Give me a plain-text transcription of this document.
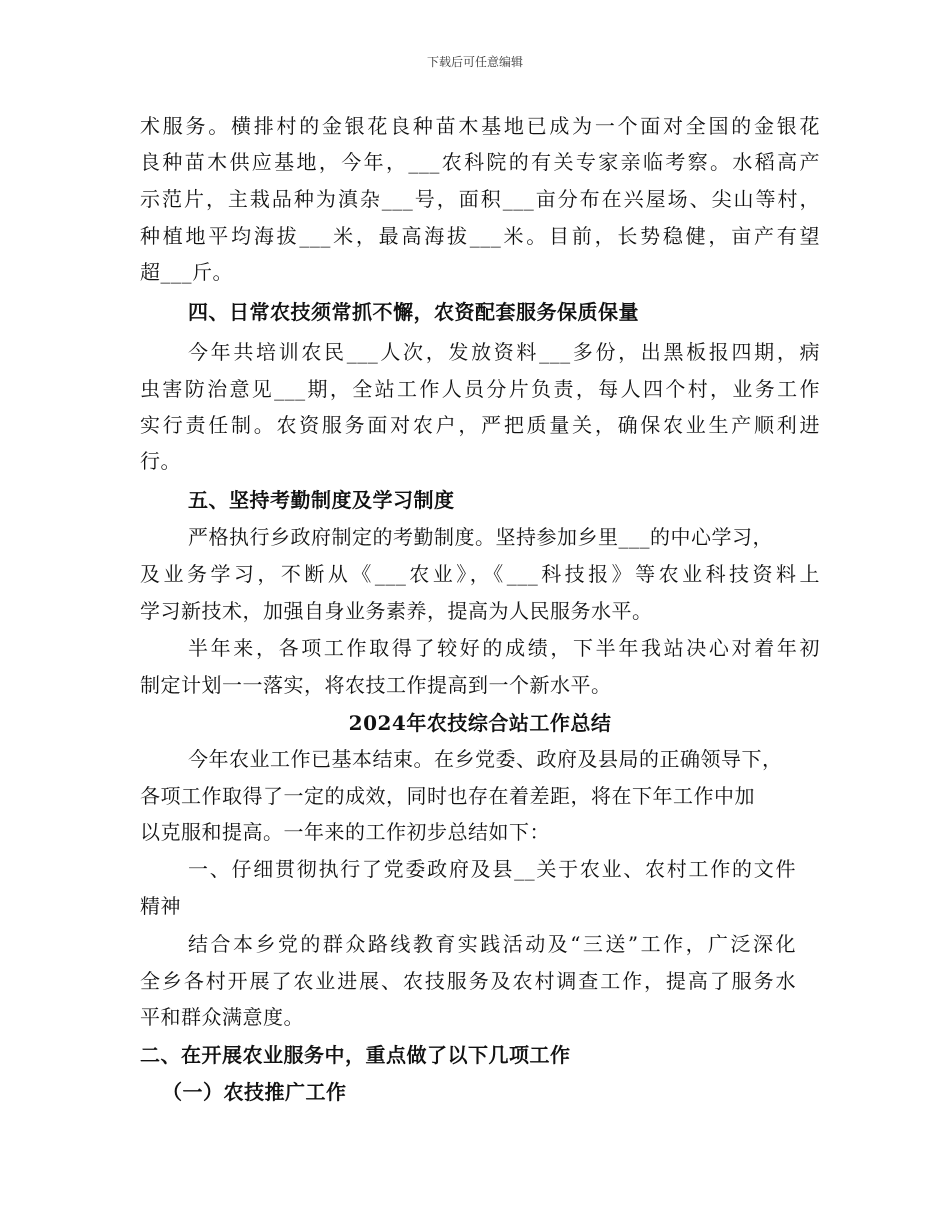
下载后可任意编辑
术服务。横排村的金银花良种苗木基地已成为一个面对全国的金银花
良种苗木供应基地，今年，___农科院的有关专家亲临考察。水稻高产
示范片，主栽品种为滇杂___号，面积___亩分布在兴屋场、尖山等村，
种植地平均海拔___米，最高海拔___米。目前，长势稳健，亩产有望
超___斤。
四、日常农技须常抓不懈，农资配套服务保质保量
今年共培训农民___人次，发放资料___多份，出黑板报四期，病
虫害防治意见___期，全站工作人员分片负责，每人四个村，业务工作
实行责任制。农资服务面对农户，严把质量关，确保农业生产顺利进
行。
五、坚持考勤制度及学习制度
严格执行乡政府制定的考勤制度。坚持参加乡里___的中心学习，
及业务学习，不断从《___农业》，《___科技报》等农业科技资料上
学习新技术，加强自身业务素养，提高为人民服务水平。
半年来，各项工作取得了较好的成绩，下半年我站决心对着年初
制定计划一一落实，将农技工作提高到一个新水平。
2024年农技综合站工作总结
今年农业工作已基本结束。在乡党委、政府及县局的正确领导下，
各项工作取得了一定的成效，同时也存在着差距，将在下年工作中加
以克服和提高。一年来的工作初步总结如下：
一、仔细贯彻执行了党委政府及县__关于农业、农村工作的文件
精神
结合本乡党的群众路线教育实践活动及“三送”工作，广泛深化
全乡各村开展了农业进展、农技服务及农村调查工作，提高了服务水
平和群众满意度。
二、在开展农业服务中，重点做了以下几项工作
（一）农技推广工作
